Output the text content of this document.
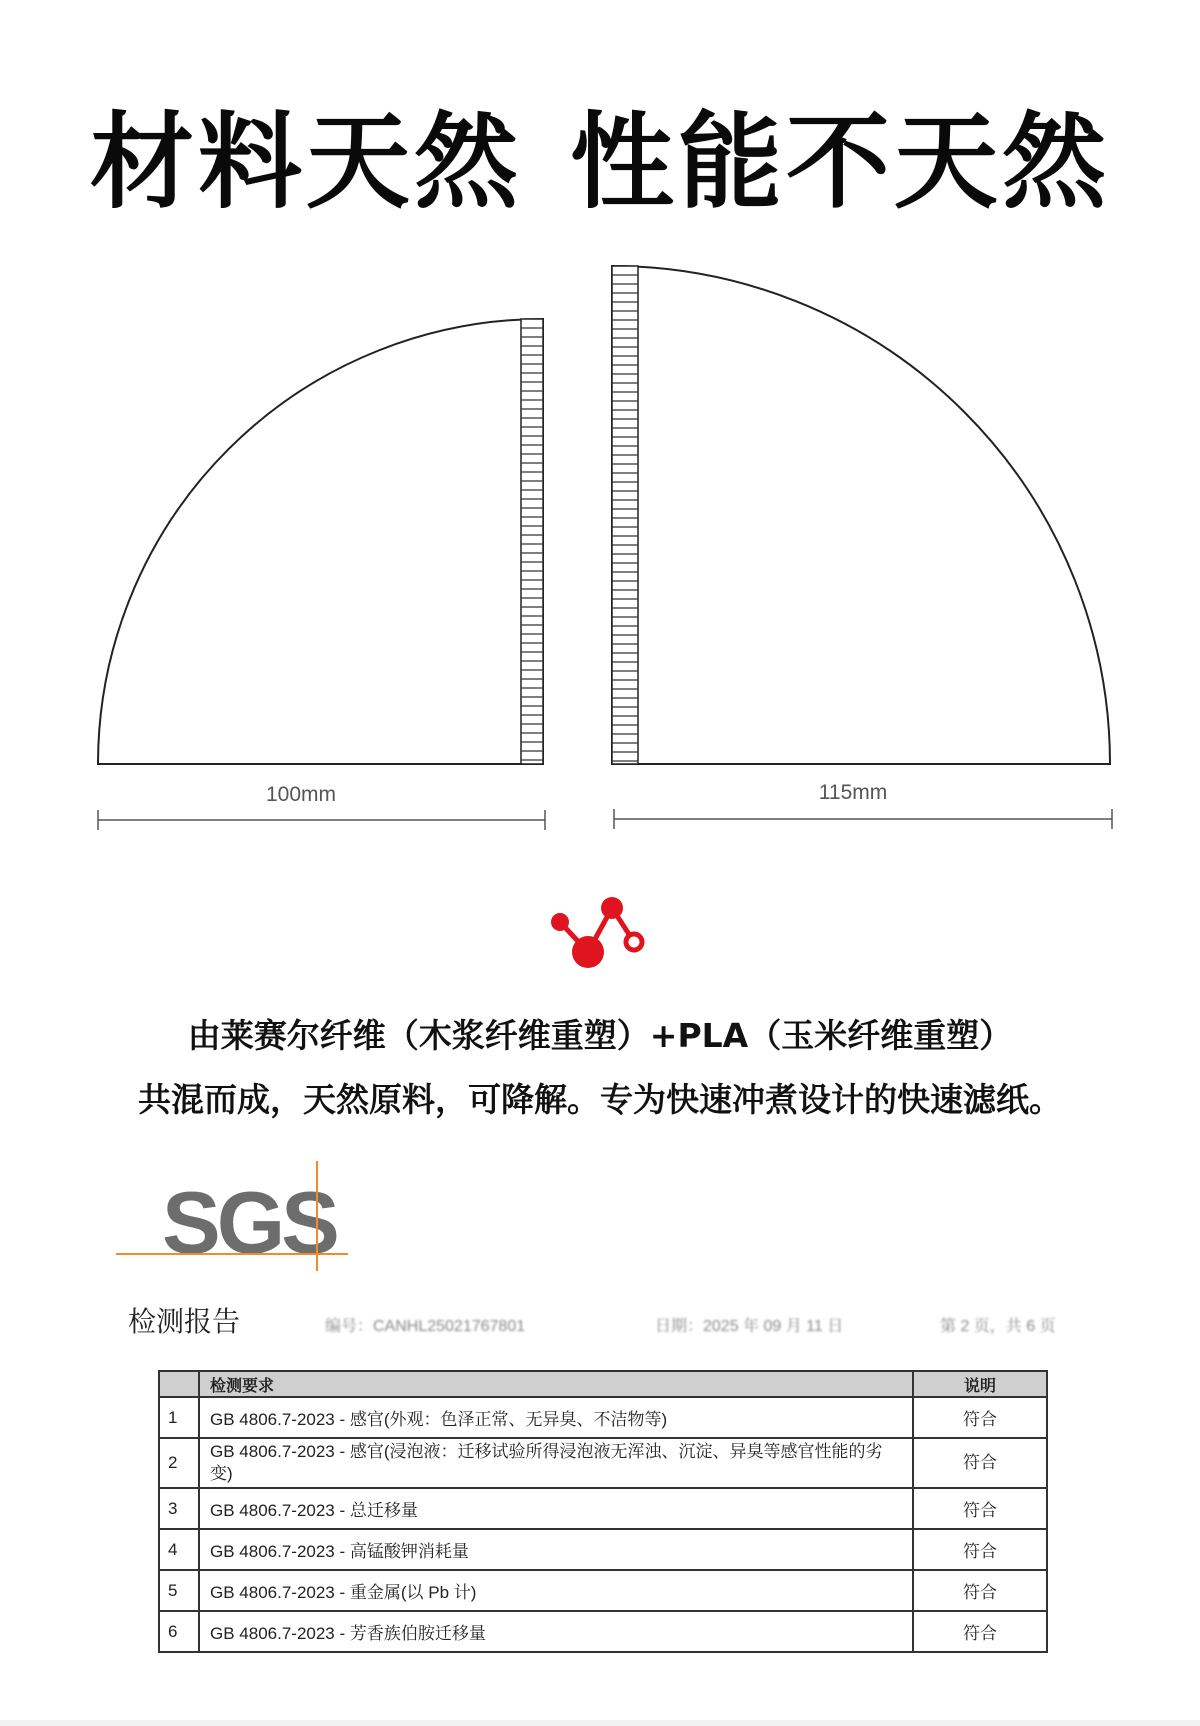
材料天然 性能不天然
100mm	115mm
由莱赛尔纤维（木浆纤维重塑）+PLA（玉米纤维重塑）
共混而成，天然原料，可降解。专为快速冲煮设计的快速滤纸。
SGS
检测报告	编号：CANHL25021767801	日期：2025 年 09 月 11 日	第 2 页，共 6 页
	检测要求	说明
1	GB 4806.7-2023 - 感官(外观：色泽正常、无异臭、不洁物等)	符合
2	GB 4806.7-2023 - 感官(浸泡液：迁移试验所得浸泡液无浑浊、沉淀、异臭等感官性能的劣变)	符合
3	GB 4806.7-2023 - 总迁移量	符合
4	GB 4806.7-2023 - 高锰酸钾消耗量	符合
5	GB 4806.7-2023 - 重金属(以 Pb 计)	符合
6	GB 4806.7-2023 - 芳香族伯胺迁移量	符合
